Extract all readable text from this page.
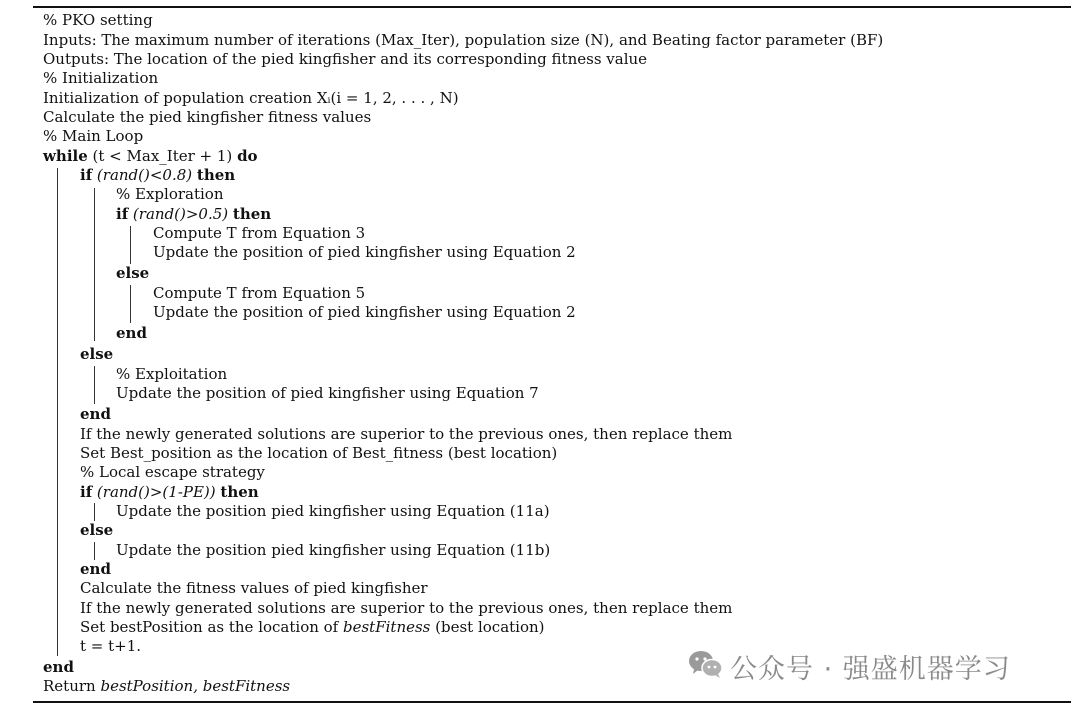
% PKO setting
Inputs: The maximum number of iterations (Max_Iter), population size (N), and Beating factor parameter (BF)
Outputs: The location of the pied kingfisher and its corresponding fitness value
% Initialization
Initialization of population creation Xᵢ(i = 1, 2, . . . , N)
Calculate the pied kingfisher fitness values
% Main Loop
while (t < Max_Iter + 1) do
if (rand()<0.8) then
% Exploration
if (rand()>0.5) then
Compute T from Equation 3
Update the position of pied kingfisher using Equation 2
else
Compute T from Equation 5
Update the position of pied kingfisher using Equation 2
end
else
% Exploitation
Update the position of pied kingfisher using Equation 7
end
If the newly generated solutions are superior to the previous ones, then replace them
Set Best_position as the location of Best_fitness (best location)
% Local escape strategy
if (rand()>(1-PE)) then
Update the position pied kingfisher using Equation (11a)
else
Update the position pied kingfisher using Equation (11b)
end
Calculate the fitness values of pied kingfisher
If the newly generated solutions are superior to the previous ones, then replace them
Set bestPosition as the location of bestFitness (best location)
t = t+1.
end
Return bestPosition, bestFitness
公众号 · 强盛机器学习
